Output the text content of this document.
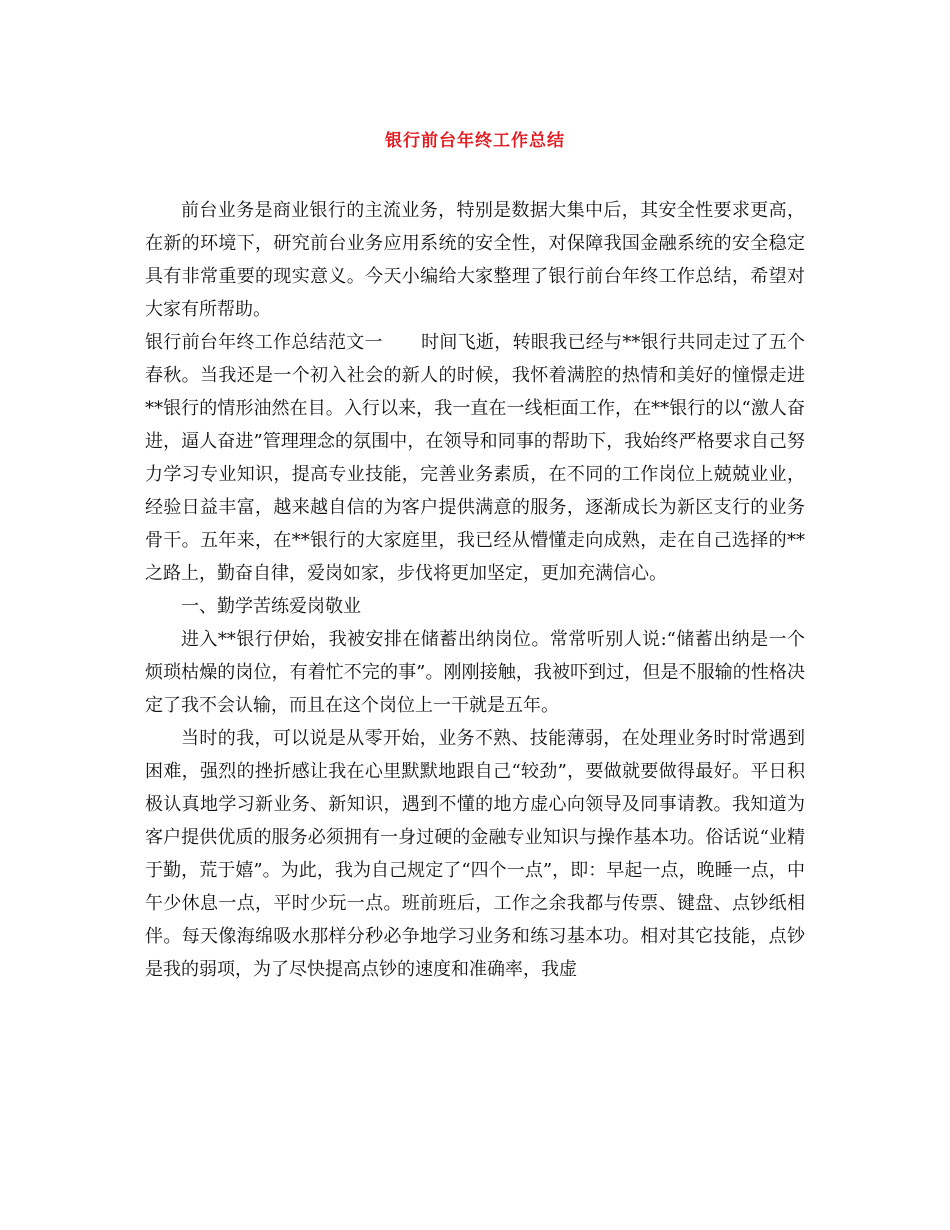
银行前台年终工作总结

前台业务是商业银行的主流业务，特别是数据大集中后，其安全性要求更高，在新的环境下，研究前台业务应用系统的安全性，对保障我国金融系统的安全稳定具有非常重要的现实意义。今天小编给大家整理了银行前台年终工作总结，希望对大家有所帮助。

银行前台年终工作总结范文一 时间飞逝，转眼我已经与**银行共同走过了五个春秋。当我还是一个初入社会的新人的时候，我怀着满腔的热情和美好的憧憬走进**银行的情形油然在目。入行以来，我一直在一线柜面工作，在**银行的以“激人奋进，逼人奋进”管理理念的氛围中，在领导和同事的帮助下，我始终严格要求自己努力学习专业知识，提高专业技能，完善业务素质，在不同的工作岗位上兢兢业业，经验日益丰富，越来越自信的为客户提供满意的服务，逐渐成长为新区支行的业务骨干。五年来，在**银行的大家庭里，我已经从懵懂走向成熟，走在自己选择的**之路上，勤奋自律，爱岗如家，步伐将更加坚定，更加充满信心。

一、勤学苦练爱岗敬业

进入**银行伊始，我被安排在储蓄出纳岗位。常常听别人说:“储蓄出纳是一个烦琐枯燥的岗位，有着忙不完的事”。刚刚接触，我被吓到过，但是不服输的性格决定了我不会认输，而且在这个岗位上一干就是五年。

当时的我，可以说是从零开始，业务不熟、技能薄弱，在处理业务时时常遇到困难，强烈的挫折感让我在心里默默地跟自己“较劲”，要做就要做得最好。平日积极认真地学习新业务、新知识，遇到不懂的地方虚心向领导及同事请教。我知道为客户提供优质的服务必须拥有一身过硬的金融专业知识与操作基本功。俗话说“业精于勤，荒于嬉”。为此，我为自己规定了“四个一点”，即：早起一点，晚睡一点，中午少休息一点，平时少玩一点。班前班后，工作之余我都与传票、键盘、点钞纸相伴。每天像海绵吸水那样分秒必争地学习业务和练习基本功。相对其它技能，点钞是我的弱项，为了尽快提高点钞的速度和准确率，我虚
